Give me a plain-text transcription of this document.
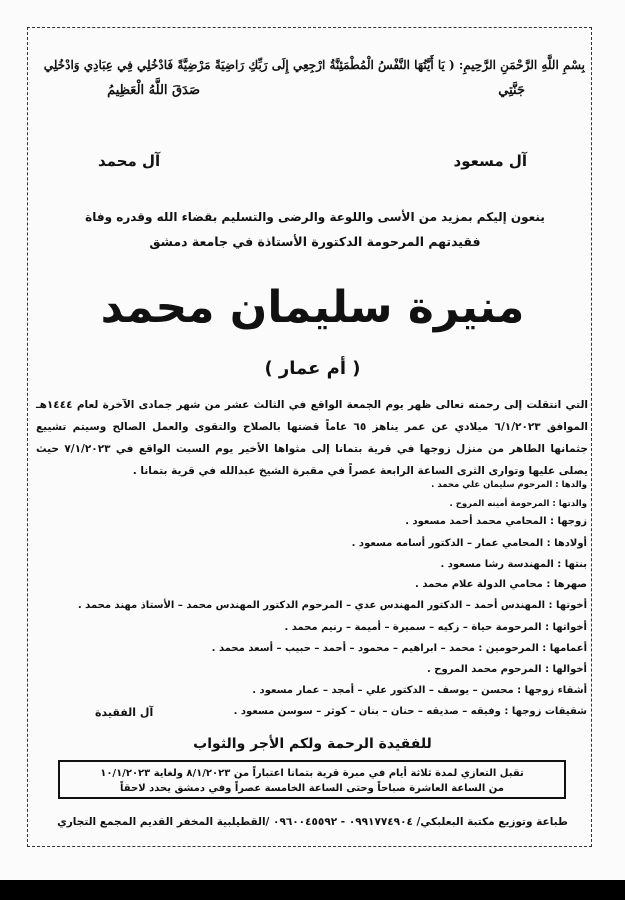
بِسْمِ اللَّهِ الرَّحْمَنِ الرَّحِيمِ: ( يَا أَيَّتُهَا النَّفْسُ الْمُطْمَئِنَّةُ ارْجِعِي إِلَى رَبِّكِ رَاضِيَةً مَرْضِيَّةً فَادْخُلِي فِي عِبَادِي وَادْخُلِي
جَنَّتِي
صَدَقَ اللَّهُ الْعَظِيمُ
آل مسعود
آل محمد
ينعون إليكم بمزيد من الأسى واللوعة والرضى والتسليم بقضاء الله وقدره وفاة
فقيدتهم المرحومة الدكتورة الأستاذة في جامعة دمشق
منيرة سليمان محمد
( أم عمار )
التي انتقلت إلى رحمته تعالى ظهر يوم الجمعة الواقع في الثالث عشر من شهر جمادى الآخرة لعام ١٤٤٤هـ الموافق ٦/١/٢٠٢٣ ميلادي عن عمر يناهز ٦٥ عاماً قضتها بالصلاح والتقوى والعمل الصالح وسيتم تشييع جثمانها الطاهر من منزل زوجها في قرية بتمانا إلى مثواها الأخير يوم السبت الواقع في ٧/١/٢٠٢٣ حيث يصلى عليها وتوارى الثرى الساعة الرابعة عصراً في مقبرة الشيخ عبدالله في قرية بتمانا .
والدها : المرحوم سليمان علي محمد .
والدتها : المرحومة أمينه المروح .
زوجها : المحامي محمد أحمد مسعود .
أولادها : المحامي عمار – الدكتور أسامه مسعود .
بنتها : المهندسة رشا مسعود .
صهرها : محامي الدولة علام محمد .
أخوتها : المهندس أحمد – الدكتور المهندس عدي – المرحوم الدكتور المهندس محمد – الأستاذ مهند محمد .
أخواتها : المرحومة حياة – زكيه – سميرة – أميمة – رنيم محمد .
أعمامها : المرحومين : محمد – ابراهيم – محمود – أحمد – حبيب – أسعد محمد .
أخوالها : المرحوم محمد المروح .
أشقاء زوجها : محسن – يوسف – الدكتور علي – أمجد – عمار مسعود .
شقيقات زوجها : وفيقه – صديقه – حنان – بنان – كوثر – سوسن مسعود .
آل الفقيدة
للفقيدة الرحمة ولكم الأجر والثواب
تقبل التعازي لمدة ثلاثة أيام في مبرة قرية بتمانا اعتباراً من ٨/١/٢٠٢٣ ولغاية ١٠/١/٢٠٢٣
من الساعة العاشرة صباحاً وحتى الساعة الخامسة عصراً وفي دمشق يحدد لاحقاً
طباعة وتوزيع مكتبة البعلبكي/ ٠٩٩١٧٧٤٩٠٤ - ٠٩٦٠٠٤٥٥٩٢ /القطيلبية المخفر القديم المجمع التجاري
